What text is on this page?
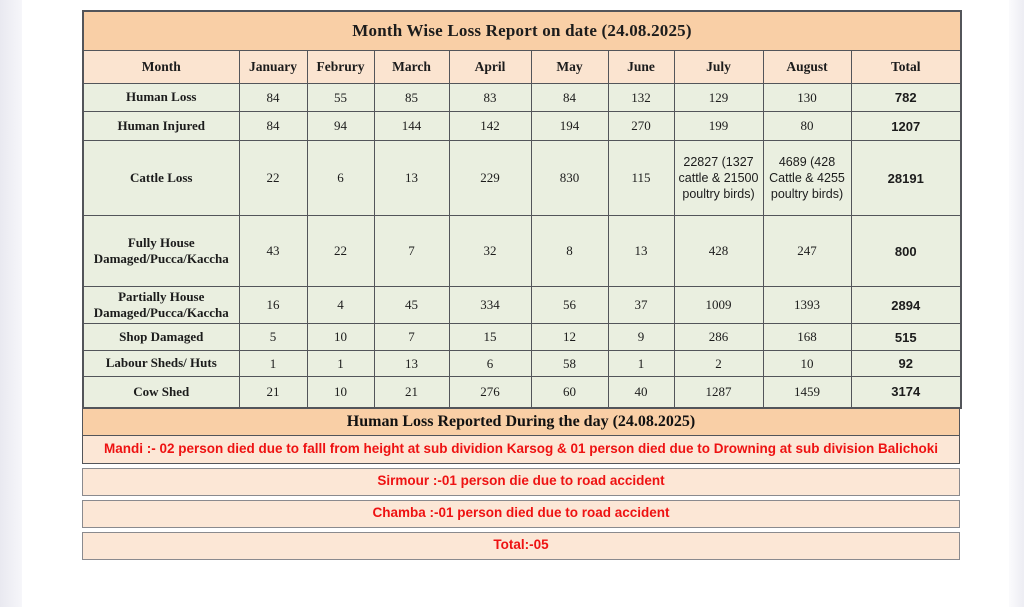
Month Wise Loss Report on date (24.08.2025)									
Month	January	Februry	March	April	May	June	July	August	Total
Human Loss	84	55	85	83	84	132	129	130	782
Human Injured	84	94	144	142	194	270	199	80	1207
Cattle Loss	22	6	13	229	830	115	22827 (1327 cattle & 21500 poultry birds)	4689 (428 Cattle & 4255 poultry birds)	28191
Fully House Damaged/Pucca/Kaccha	43	22	7	32	8	13	428	247	800
Partially House Damaged/Pucca/Kaccha	16	4	45	334	56	37	1009	1393	2894
Shop Damaged	5	10	7	15	12	9	286	168	515
Labour Sheds/ Huts	1	1	13	6	58	1	2	10	92
Cow Shed	21	10	21	276	60	40	1287	1459	3174
Human Loss Reported During the day (24.08.2025)
Mandi :- 02 person died due to falll from height at sub dividion Karsog & 01 person died due to Drowning at sub division Balichoki
Sirmour :-01 person die due to road accident
Chamba :-01 person died due to road accident
Total:-05
